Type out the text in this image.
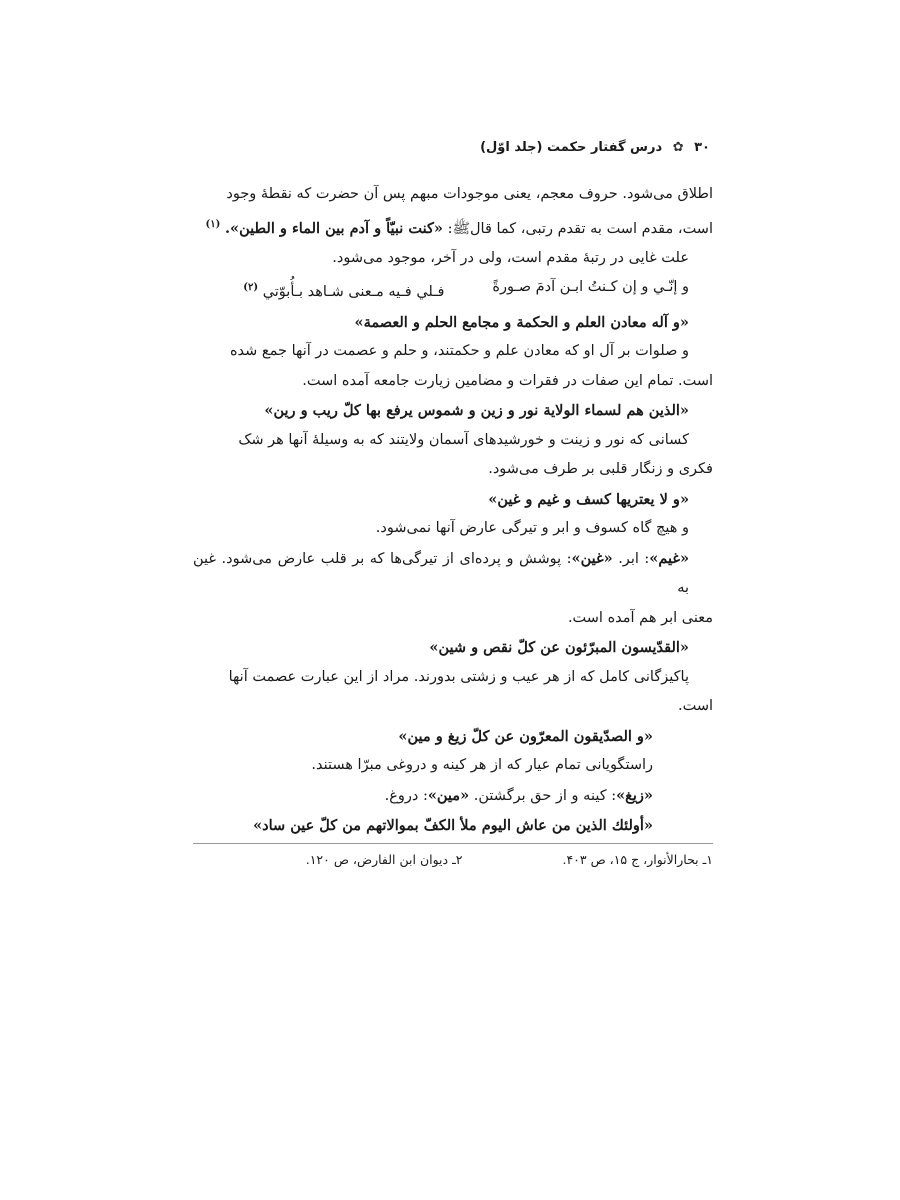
۳۰ ✿ درس گفتار حکمت (جلد اوّل)

اطلاق می‌شود. حروف معجم، یعنی موجودات مبهم پس آن حضرت که نقطهٔ وجود

است، مقدم است به تقدم رتبی، کما قالﷺ: «کنت نبیّاً و آدم بین الماء و الطین». $^{(۱)}$

علت غایی در رتبهٔ مقدم است، ولی در آخر، موجود می‌شود.

و إنّـي و إن کـنتُ ابـن آدمَ صـورةً
فـلي فـيه مـعنی شـاهد بـأُبوّتي $^{(۲)}$

«و آله معادن العلم و الحکمة و مجامع الحلم و العصمة»

و صلوات بر آل او که معادن علم و حکمتند، و حلم و عصمت در آنها جمع شده

است. تمام این صفات در فقرات و مضامین زیارت جامعه آمده است.

«الذين هم لسماء الولاية نور و زين و شموس يرفع بها كلّ ريب و رين»

کسانی که نور و زینت و خورشیدهای آسمان ولایتند که به وسیلهٔ آنها هر شک

فکری و زنگار قلبی بر طرف می‌شود.

«و لا يعتريها كسف و غيم و غين»

و هیچ گاه کسوف و ابر و تیرگی عارض آنها نمی‌شود.

«غیم»: ابر. «غین»: پوشش و پرده‌ای از تیرگی‌ها که بر قلب عارض می‌شود. غین به

معنی ابر هم آمده است.

«القدّيسون المبرّئون عن كلّ نقص و شين»

پاکیزگانی کامل که از هر عیب و زشتی بدورند. مراد از این عبارت عصمت آنها

است.

«و الصدّيقون المعرّون عن كلّ زيغ و مين»

راستگویانی تمام عیار که از هر کینه و دروغی مبرّا هستند.

«زیغ»: کینه و از حق برگشتن. «مین»: دروغ.

«أولئك الذين من عاش اليوم ملأ الكفّ بموالاتهم من كلّ عين ساد»

۱ـ بحارالأنوار، ج ۱۵، ص ۴۰۳.
۲ـ دیوان ابن الفارض، ص ۱۲۰.
